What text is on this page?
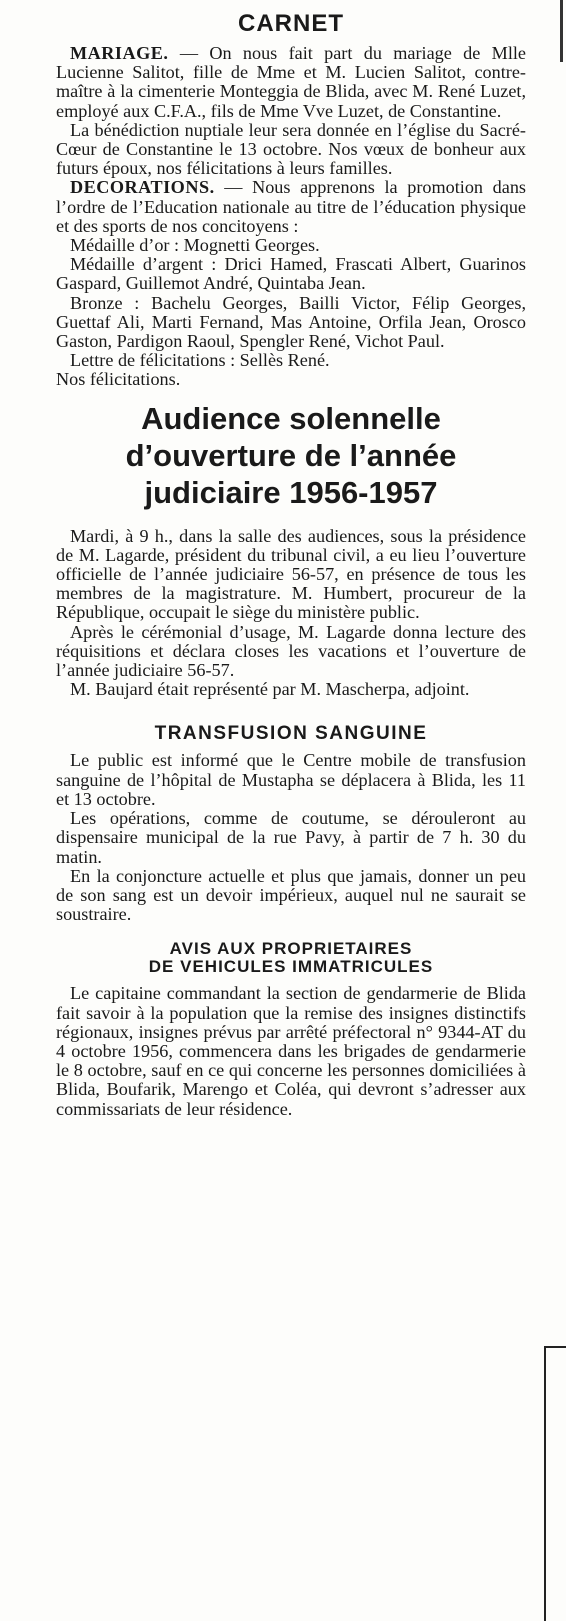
CARNET

MARIAGE. — On nous fait part du mariage de Mlle Lucienne Salitot, fille de Mme et M. Lucien Salitot, contre-maître à la cimenterie Monteggia de Blida, avec M. René Luzet, employé aux C.F.A., fils de Mme Vve Luzet, de Constantine.

La bénédiction nuptiale leur sera donnée en l’église du Sacré-Cœur de Constantine le 13 octobre. Nos vœux de bonheur aux futurs époux, nos félicitations à leurs familles.

DECORATIONS. — Nous apprenons la promotion dans l’ordre de l’Education nationale au titre de l’éducation physique et des sports de nos concitoyens :

Médaille d’or : Mognetti Georges.

Médaille d’argent : Drici Hamed, Frascati Albert, Guarinos Gaspard, Guillemot André, Quintaba Jean.

Bronze : Bachelu Georges, Bailli Victor, Félip Georges, Guettaf Ali, Marti Fernand, Mas Antoine, Orfila Jean, Orosco Gaston, Pardigon Raoul, Spengler René, Vichot Paul.

Lettre de félicitations : Sellès René.

Nos félicitations.

Audience solennelle
d’ouverture de l’année
judiciaire 1956-1957

Mardi, à 9 h., dans la salle des audiences, sous la présidence de M. Lagarde, président du tribunal civil, a eu lieu l’ouverture officielle de l’année judiciaire 56-57, en présence de tous les membres de la magistrature. M. Humbert, procureur de la République, occupait le siège du ministère public.

Après le cérémonial d’usage, M. Lagarde donna lecture des réquisitions et déclara closes les vacations et l’ouverture de l’année judiciaire 56-57.

M. Baujard était représenté par M. Mascherpa, adjoint.

TRANSFUSION SANGUINE

Le public est informé que le Centre mobile de transfusion sanguine de l’hôpital de Mustapha se déplacera à Blida, les 11 et 13 octobre.

Les opérations, comme de coutume, se dérouleront au dispensaire municipal de la rue Pavy, à partir de 7 h. 30 du matin.

En la conjoncture actuelle et plus que jamais, donner un peu de son sang est un devoir impérieux, auquel nul ne saurait se soustraire.

AVIS AUX PROPRIETAIRES
DE VEHICULES IMMATRICULES

Le capitaine commandant la section de gendarmerie de Blida fait savoir à la population que la remise des insignes distinctifs régionaux, insignes prévus par arrêté préfectoral n° 9344-AT du 4 octobre 1956, commencera dans les brigades de gendarmerie le 8 octobre, sauf en ce qui concerne les personnes domiciliées à Blida, Boufarik, Marengo et Coléa, qui devront s’adresser aux commissariats de leur résidence.
